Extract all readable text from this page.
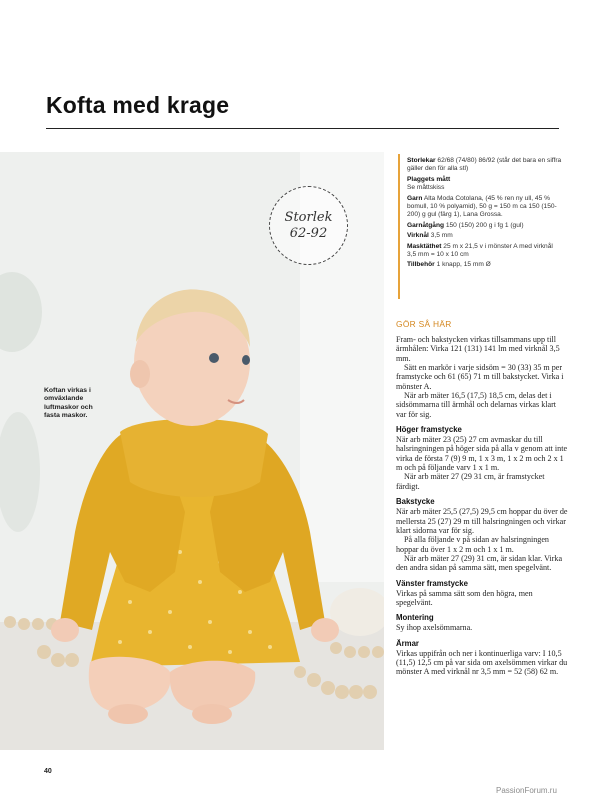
Kofta med krage
Storlek
62-92
Koftan virkas i omväxlande luftmaskor och fasta maskor.
Storlekar 62/68 (74/80) 86/92 (står det bara en siffra gäller den för alla stl)
Plaggets mått
Se måttskiss
Garn Alta Moda Cotolana, (45 % ren ny ull, 45 % bomull, 10 % polyamid), 50 g = 150 m ca 150 (150-200) g gul (färg 1), Lana Grossa.
Garnåtgång 150 (150) 200 g i fg 1 (gul)
Virknål 3,5 mm
Masktäthet 25 m x 21,5 v i mönster A med virknål 3,5 mm = 10 x 10 cm
Tillbehör 1 knapp, 15 mm Ø
GÖR SÅ HÄR
Fram- och bakstycken virkas tillsammans upp till ärmhålen: Virka 121 (131) 141 lm med virknål 3,5 mm.
Sätt en markör i varje sidsöm = 30 (33) 35 m per framstycke och 61 (65) 71 m till bakstycket. Virka i mönster A.
När arb mäter 16,5 (17,5) 18,5 cm, delas det i sidsömmarna till ärmhål och delarnas virkas klart var för sig.
Höger framstycke
När arb mäter 23 (25) 27 cm avmaskar du till halsringningen på höger sida på alla v genom att inte virka de första 7 (9) 9 m, 1 x 3 m, 1 x 2 m och 2 x 1 m och på följande varv 1 x 1 m.
När arb mäter 27 (29 31 cm, är framstycket färdigt.
Bakstycke
När arb mäter 25,5 (27,5) 29,5 cm hoppar du över de mellersta 25 (27) 29 m till halsringningen och virkar klart sidorna var för sig.
På alla följande v på sidan av halsringningen hoppar du över 1 x 2 m och 1 x 1 m.
När arb mäter 27 (29) 31 cm, är sidan klar. Virka den andra sidan på samma sätt, men spegelvänt.
Vänster framstycke
Virkas på samma sätt som den högra, men spegelvänt.
Montering
Sy ihop axelsömmarna.
Ärmar
Virkas uppifrån och ner i kontinuerliga varv: I 10,5 (11,5) 12,5 cm på var sida om axelsömmen virkar du mönster A med virknål nr 3,5 mm = 52 (58) 62 m.
40
PassionForum.ru
